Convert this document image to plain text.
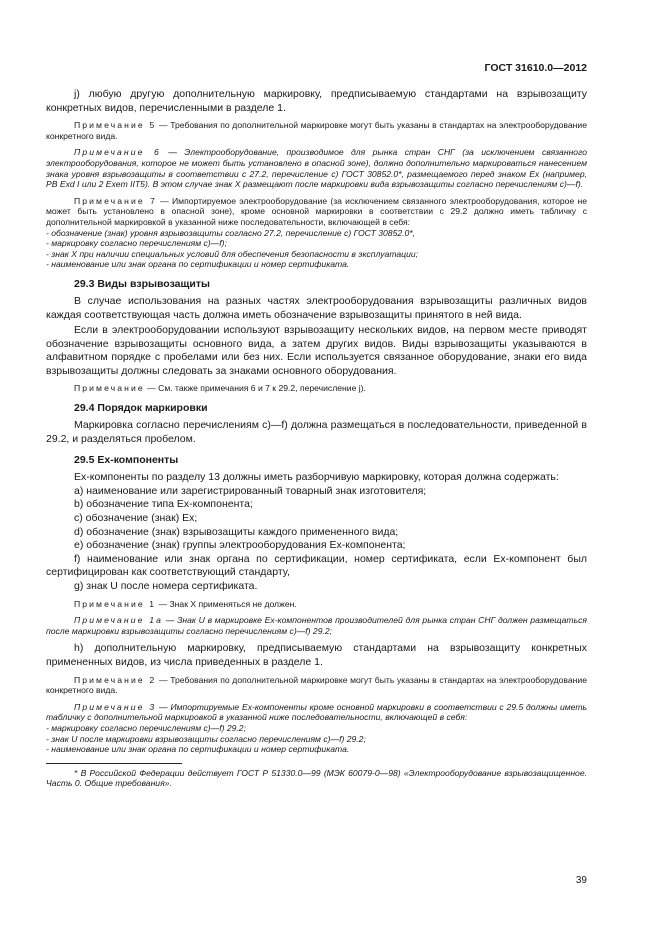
ГОСТ 31610.0—2012

j) любую другую дополнительную маркировку, предписываемую стандартами на взрывозащиту конкретных видов, перечисленными в разделе 1.

Примечание 5 — Требования по дополнительной маркировке могут быть указаны в стандартах на электрооборудование конкретного вида.

Примечание 6 — Электрооборудование, производимое для рынка стран СНГ (за исключением связанного электрооборудования, которое не может быть установлено в опасной зоне), должно дополнительно маркироваться нанесением знака уровня взрывозащиты в соответствии с 27.2, перечисление с) ГОСТ 30852.0*, размещаемого перед знаком Ex (например, PB Exd I или 2 Exem IIT5). В этом случае знак X размещают после маркировки вида взрывозащиты согласно перечислениям с)—f).

Примечание 7 — Импортируемое электрооборудование (за исключением связанного электрооборудования, которое не может быть установлено в опасной зоне), кроме основной маркировки в соответствии с 29.2 должно иметь табличку с дополнительной маркировкой в указанной ниже последовательности, включающей в себя:

- обозначение (знак) уровня взрывозащиты согласно 27.2, перечисление с) ГОСТ 30852.0*,

- маркировку согласно перечислениям с)—f);

- знак X при наличии специальных условий для обеспечения безопасности в эксплуатации;

- наименование или знак органа по сертификации и номер сертификата.

29.3 Виды взрывозащиты

В случае использования на разных частях электрооборудования взрывозащиты различных видов каждая соответствующая часть должна иметь обозначение взрывозащиты принятого в ней вида.

Если в электрооборудовании используют взрывозащиту нескольких видов, на первом месте приводят обозначение взрывозащиты основного вида, а затем других видов. Виды взрывозащиты указываются в алфавитном порядке с пробелами или без них. Если используется связанное оборудование, знаки его вида взрывозащиты должны следовать за знаками основного оборудования.

Примечание — См. также примечания 6 и 7 к 29.2, перечисление j).

29.4 Порядок маркировки

Маркировка согласно перечислениям с)—f) должна размещаться в последовательности, приведенной в 29.2, и разделяться пробелом.

29.5 Ex-компоненты

Ex-компоненты по разделу 13 должны иметь разборчивую маркировку, которая должна содержать:

a) наименование или зарегистрированный товарный знак изготовителя;

b) обозначение типа Ex-компонента;

c) обозначение (знак) Ex;

d) обозначение (знак) взрывозащиты каждого примененного вида;

e) обозначение (знак) группы электрооборудования Ex-компонента;

f) наименование или знак органа по сертификации, номер сертификата, если Ex-компонент был сертифицирован как соответствующий стандарту,

g) знак U после номера сертификата.

Примечание 1 — Знак X применяться не должен.

Примечание 1а — Знак U в маркировке Ex-компонентов производителей для рынка стран СНГ должен размещаться после маркировки взрывозащиты согласно перечислениям с)—f) 29.2;

h) дополнительную маркировку, предписываемую стандартами на взрывозащиту конкретных примененных видов, из числа приведенных в разделе 1.

Примечание 2 — Требования по дополнительной маркировке могут быть указаны в стандартах на электрооборудование конкретного вида.

Примечание 3 — Импортируемые Ex-компоненты кроме основной маркировки в соответствии с 29.5 должны иметь табличку с дополнительной маркировкой в указанной ниже последовательности, включающей в себя:

- маркировку согласно перечислениям с)—f) 29.2;

- знак U после маркировки взрывозащиты согласно перечислениям с)—f) 29.2;

- наименование или знак органа по сертификации и номер сертификата.

* В Российской Федерации действует ГОСТ Р 51330.0—99 (МЭК 60079-0—98) «Электрооборудование взрывозащищенное. Часть 0. Общие требования».

39
